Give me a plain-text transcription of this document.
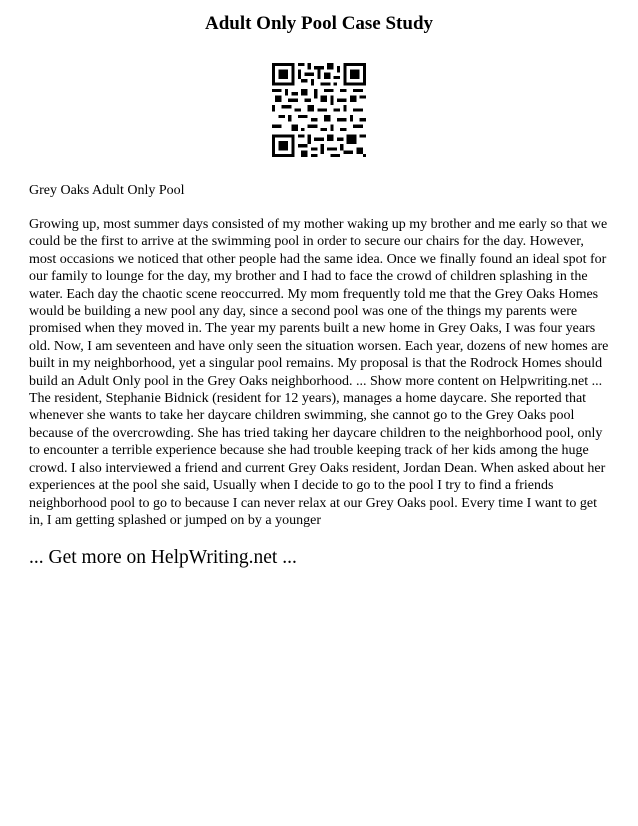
Adult Only Pool Case Study

Grey Oaks Adult Only Pool

Growing up, most summer days consisted of my mother waking up my brother and me early so that we could be the first to arrive at the swimming pool in order to secure our chairs for the day. However, most occasions we noticed that other people had the same idea. Once we finally found an ideal spot for our family to lounge for the day, my brother and I had to face the crowd of children splashing in the water. Each day the chaotic scene reoccurred. My mom frequently told me that the Grey Oaks Homes would be building a new pool any day, since a second pool was one of the things my parents were promised when they moved in. The year my parents built a new home in Grey Oaks, I was four years old. Now, I am seventeen and have only seen the situation worsen. Each year, dozens of new homes are built in my neighborhood, yet a singular pool remains. My proposal is that the Rodrock Homes should build an Adult Only pool in the Grey Oaks neighborhood. ... Show more content on Helpwriting.net ...

The resident, Stephanie Bidnick (resident for 12 years), manages a home daycare. She reported that whenever she wants to take her daycare children swimming, she cannot go to the Grey Oaks pool because of the overcrowding. She has tried taking her daycare children to the neighborhood pool, only to encounter a terrible experience because she had trouble keeping track of her kids among the huge crowd. I also interviewed a friend and current Grey Oaks resident, Jordan Dean. When asked about her experiences at the pool she said, Usually when I decide to go to the pool I try to find a friends neighborhood pool to go to because I can never relax at our Grey Oaks pool. Every time I want to get in, I am getting splashed or jumped on by a younger

... Get more on HelpWriting.net ...
